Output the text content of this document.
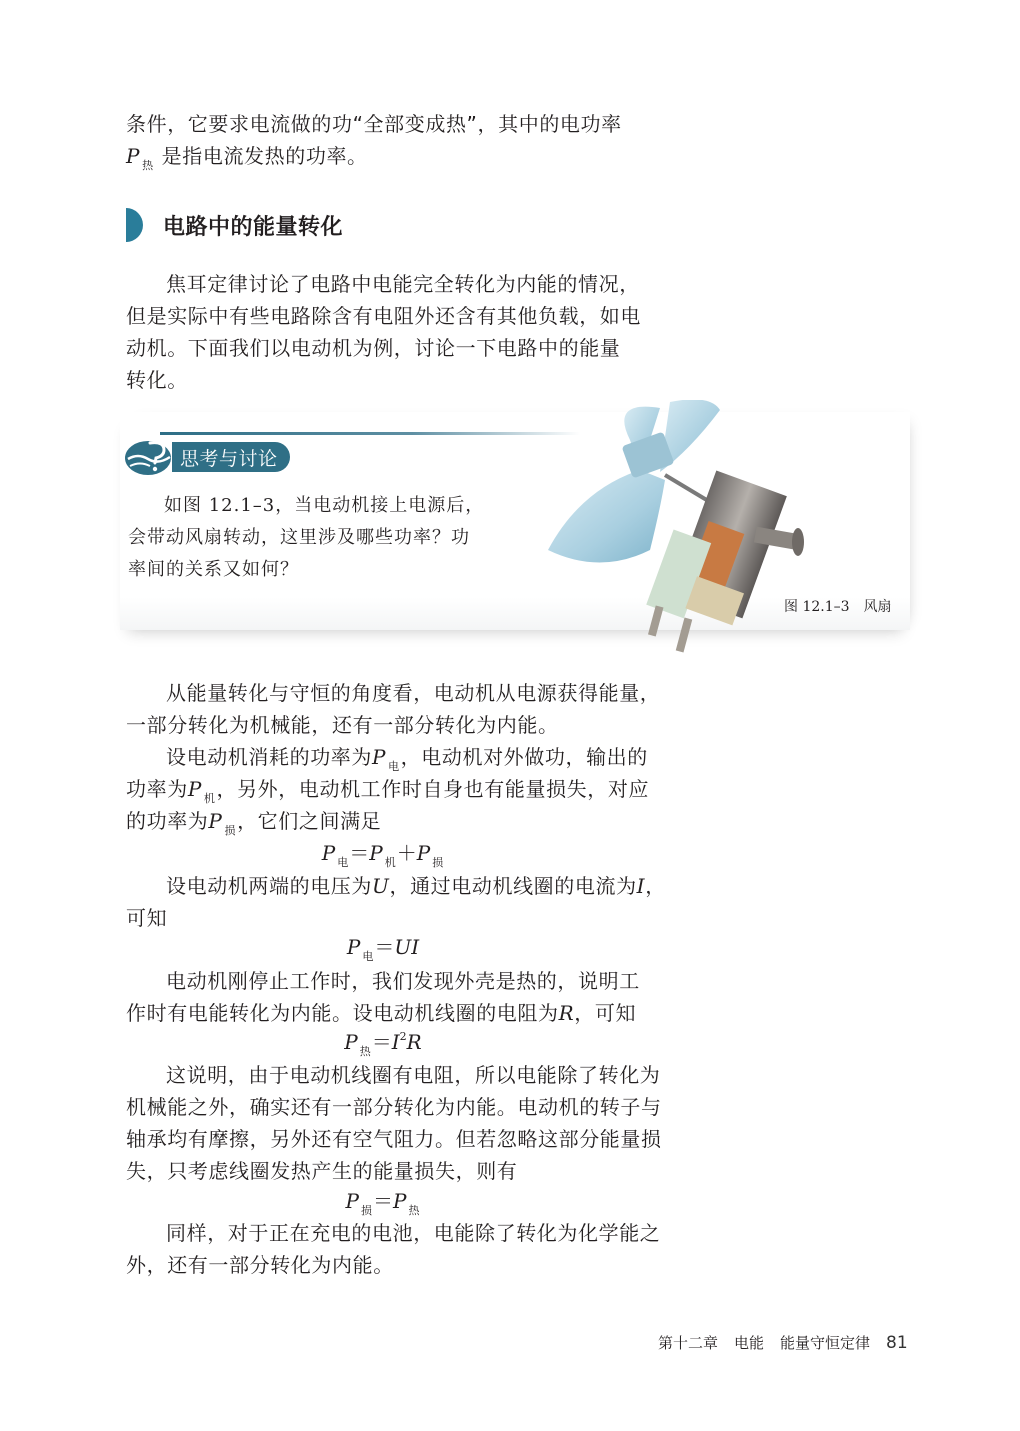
条件，它要求电流做的功“全部变成热”，其中的电功率
P $_热$ 是指电流发热的功率。
电路中的能量转化
焦耳定律讨论了电路中电能完全转化为内能的情况，
但是实际中有些电路除含有电阻外还含有其他负载，如电
动机。下面我们以电动机为例，讨论一下电路中的能量
转化。
思考与讨论
如图 12.1–3，当电动机接上电源后，
会带动风扇转动，这里涉及哪些功率？功
率间的关系又如何？
图 12.1–3 风扇
从能量转化与守恒的角度看，电动机从电源获得能量，
一部分转化为机械能，还有一部分转化为内能。
设电动机消耗的功率为P $_电$，电动机对外做功，输出的
功率为P $_机$，另外，电动机工作时自身也有能量损失，对应
的功率为P $_损$，它们之间满足
P $_电$＝P $_机$＋P $_损$
设电动机两端的电压为U，通过电动机线圈的电流为I，
可知
P $_电$＝UI
电动机刚停止工作时，我们发现外壳是热的，说明工
作时有电能转化为内能。设电动机线圈的电阻为R，可知
P $_热=I^2R$
这说明，由于电动机线圈有电阻，所以电能除了转化为
机械能之外，确实还有一部分转化为内能。电动机的转子与
轴承均有摩擦，另外还有空气阻力。但若忽略这部分能量损
失，只考虑线圈发热产生的能量损失，则有
P $_损$＝P $_热$
同样，对于正在充电的电池，电能除了转化为化学能之
外，还有一部分转化为内能。
第十二章 电能 能量守恒定律 81
